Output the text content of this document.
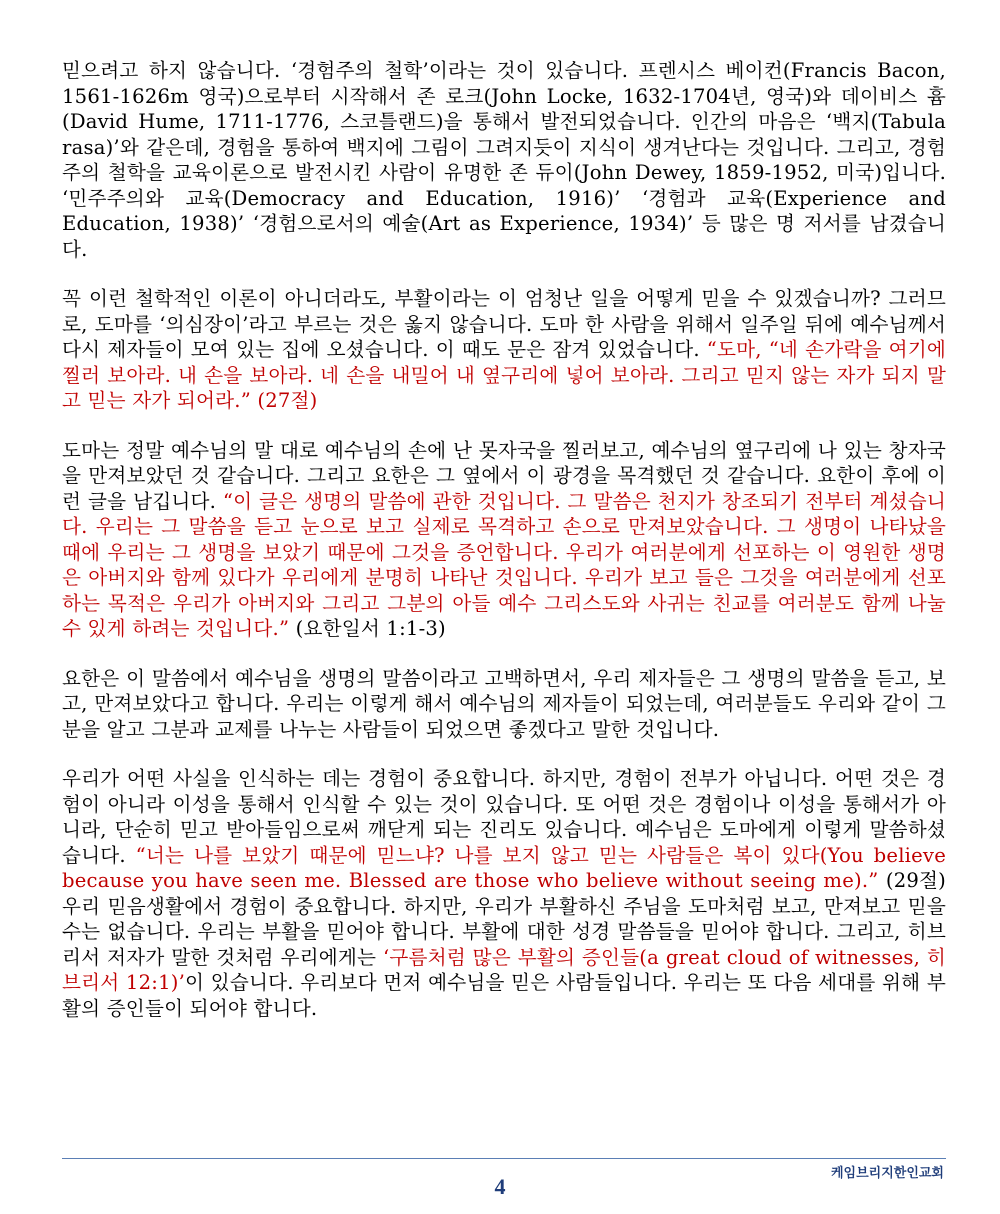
믿으려고 하지 않습니다. ‘경험주의 철학’이라는 것이 있습니다. 프렌시스 베이컨(Francis Bacon, 1561-1626m 영국)으로부터 시작해서 존 로크(John Locke, 1632-1704년, 영국)와 데이비스 흄(David Hume, 1711-1776, 스코틀랜드)을 통해서 발전되었습니다. 인간의 마음은 ‘백지(Tabula rasa)’와 같은데, 경험을 통하여 백지에 그림이 그려지듯이 지식이 생겨난다는 것입니다. 그리고, 경험주의 철학을 교육이론으로 발전시킨 사람이 유명한 존 듀이(John Dewey, 1859-1952, 미국)입니다. ‘민주주의와 교육(Democracy and Education, 1916)’ ‘경험과 교육(Experience and Education, 1938)’ ‘경험으로서의 예술(Art as Experience, 1934)’ 등 많은 명 저서를 남겼습니다.

꼭 이런 철학적인 이론이 아니더라도, 부활이라는 이 엄청난 일을 어떻게 믿을 수 있겠습니까? 그러므로, 도마를 ‘의심장이’라고 부르는 것은 옳지 않습니다. 도마 한 사람을 위해서 일주일 뒤에 예수님께서 다시 제자들이 모여 있는 집에 오셨습니다. 이 때도 문은 잠겨 있었습니다. “도마, “네 손가락을 여기에 찔러 보아라. 내 손을 보아라. 네 손을 내밀어 내 옆구리에 넣어 보아라. 그리고 믿지 않는 자가 되지 말고 믿는 자가 되어라.” (27절)

도마는 정말 예수님의 말 대로 예수님의 손에 난 못자국을 찔러보고, 예수님의 옆구리에 나 있는 창자국을 만져보았던 것 같습니다. 그리고 요한은 그 옆에서 이 광경을 목격했던 것 같습니다. 요한이 후에 이런 글을 남깁니다. “이 글은 생명의 말씀에 관한 것입니다. 그 말씀은 천지가 창조되기 전부터 계셨습니다. 우리는 그 말씀을 듣고 눈으로 보고 실제로 목격하고 손으로 만져보았습니다. 그 생명이 나타났을 때에 우리는 그 생명을 보았기 때문에 그것을 증언합니다. 우리가 여러분에게 선포하는 이 영원한 생명은 아버지와 함께 있다가 우리에게 분명히 나타난 것입니다. 우리가 보고 들은 그것을 여러분에게 선포하는 목적은 우리가 아버지와 그리고 그분의 아들 예수 그리스도와 사귀는 친교를 여러분도 함께 나눌 수 있게 하려는 것입니다.” (요한일서 1:1-3)

요한은 이 말씀에서 예수님을 생명의 말씀이라고 고백하면서, 우리 제자들은 그 생명의 말씀을 듣고, 보고, 만져보았다고 합니다. 우리는 이렇게 해서 예수님의 제자들이 되었는데, 여러분들도 우리와 같이 그분을 알고 그분과 교제를 나누는 사람들이 되었으면 좋겠다고 말한 것입니다.

우리가 어떤 사실을 인식하는 데는 경험이 중요합니다. 하지만, 경험이 전부가 아닙니다. 어떤 것은 경험이 아니라 이성을 통해서 인식할 수 있는 것이 있습니다. 또 어떤 것은 경험이나 이성을 통해서가 아니라, 단순히 믿고 받아들임으로써 깨닫게 되는 진리도 있습니다. 예수님은 도마에게 이렇게 말씀하셨습니다. “너는 나를 보았기 때문에 믿느냐? 나를 보지 않고 믿는 사람들은 복이 있다(You believe because you have seen me. Blessed are those who believe without seeing me).” (29절) 우리 믿음생활에서 경험이 중요합니다. 하지만, 우리가 부활하신 주님을 도마처럼 보고, 만져보고 믿을 수는 없습니다. 우리는 부활을 믿어야 합니다. 부활에 대한 성경 말씀들을 믿어야 합니다. 그리고, 히브리서 저자가 말한 것처럼 우리에게는 ‘구름처럼 많은 부활의 증인들(a great cloud of witnesses, 히브리서 12:1)’이 있습니다. 우리보다 먼저 예수님을 믿은 사람들입니다. 우리는 또 다음 세대를 위해 부활의 증인들이 되어야 합니다.

4
케임브리지한인교회
